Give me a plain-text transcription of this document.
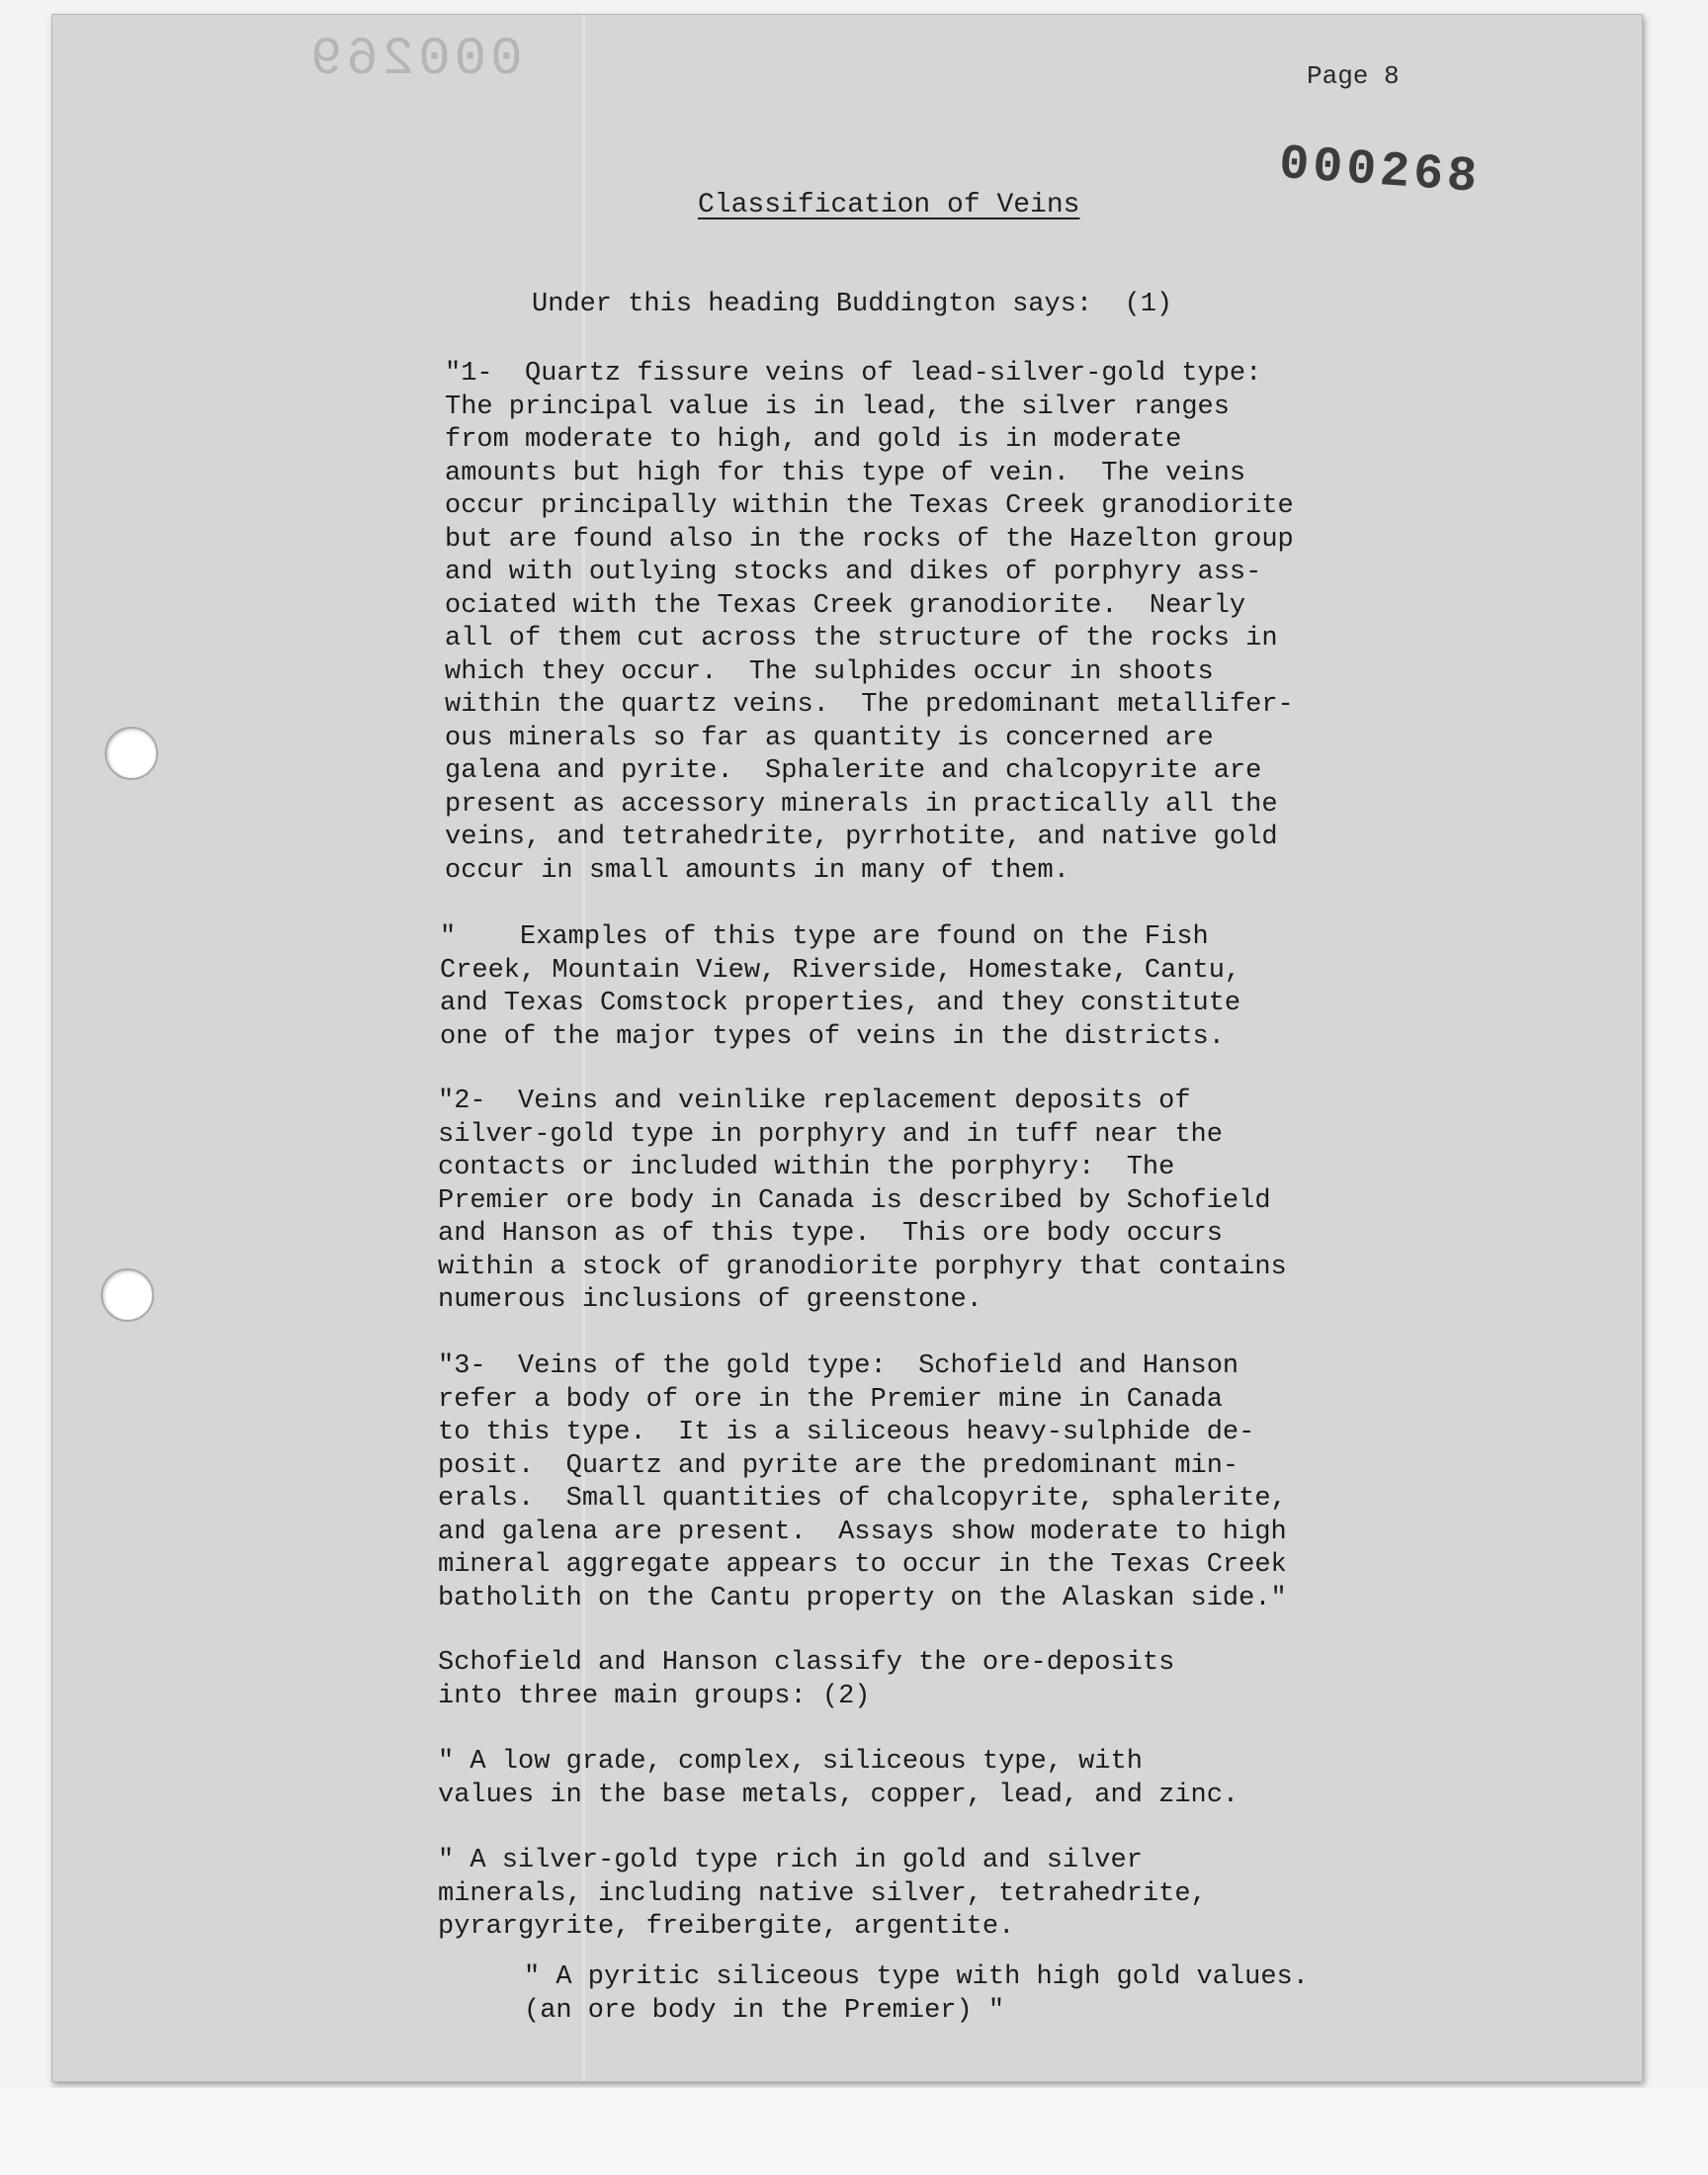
000269	Page 8
000268
Classification of Veins

Under this heading Buddington says:  (1)

"1-  Quartz fissure veins of lead-silver-gold type:
The principal value is in lead, the silver ranges
from moderate to high, and gold is in moderate
amounts but high for this type of vein.  The veins
occur principally within the Texas Creek granodiorite
but are found also in the rocks of the Hazelton group
and with outlying stocks and dikes of porphyry ass-
ociated with the Texas Creek granodiorite.  Nearly
all of them cut across the structure of the rocks in
which they occur.  The sulphides occur in shoots
within the quartz veins.  The predominant metallifer-
ous minerals so far as quantity is concerned are
galena and pyrite.  Sphalerite and chalcopyrite are
present as accessory minerals in practically all the
veins, and tetrahedrite, pyrrhotite, and native gold
occur in small amounts in many of them.

"    Examples of this type are found on the Fish
Creek, Mountain View, Riverside, Homestake, Cantu,
and Texas Comstock properties, and they constitute
one of the major types of veins in the districts.

"2-  Veins and veinlike replacement deposits of
silver-gold type in porphyry and in tuff near the
contacts or included within the porphyry:  The
Premier ore body in Canada is described by Schofield
and Hanson as of this type.  This ore body occurs
within a stock of granodiorite porphyry that contains
numerous inclusions of greenstone.

"3-  Veins of the gold type:  Schofield and Hanson
refer a body of ore in the Premier mine in Canada
to this type.  It is a siliceous heavy-sulphide de-
posit.  Quartz and pyrite are the predominant min-
erals.  Small quantities of chalcopyrite, sphalerite,
and galena are present.  Assays show moderate to high
mineral aggregate appears to occur in the Texas Creek
batholith on the Cantu property on the Alaskan side."

Schofield and Hanson classify the ore-deposits
into three main groups: (2)

" A low grade, complex, siliceous type, with
values in the base metals, copper, lead, and zinc.

" A silver-gold type rich in gold and silver
minerals, including native silver, tetrahedrite,
pyrargyrite, freibergite, argentite.

" A pyritic siliceous type with high gold values.
(an ore body in the Premier) "
